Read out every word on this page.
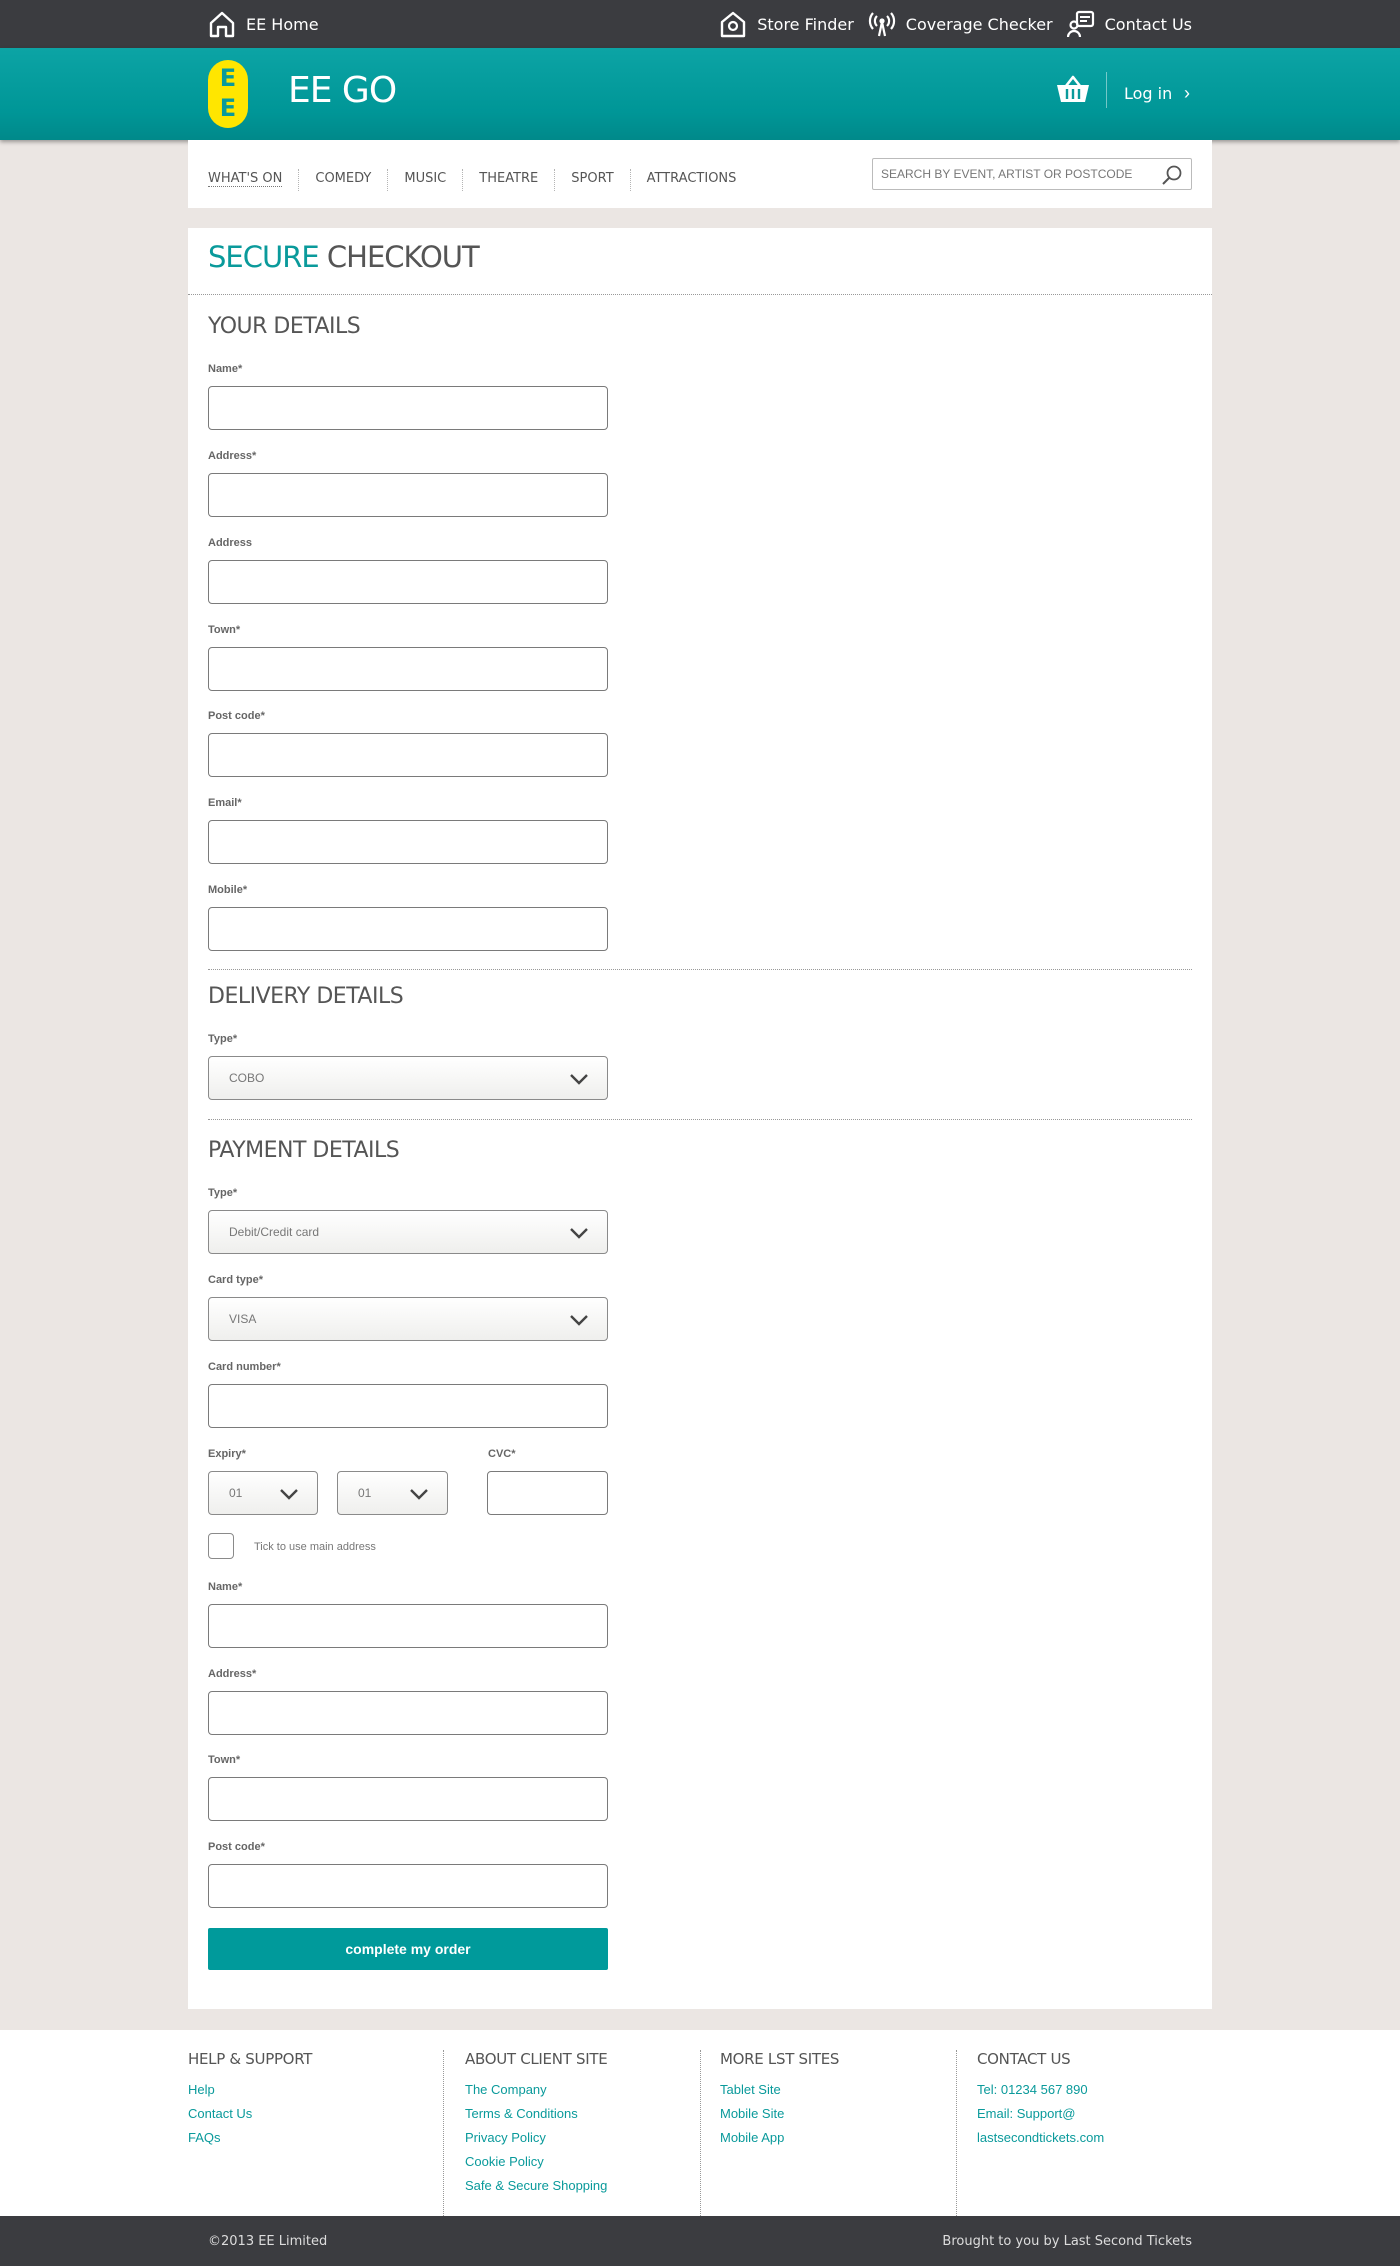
EE Home	Store Finder	Coverage Checker	Contact Us
E
E	EE GO	Log in ›
WHAT'S ON	COMEDY	MUSIC	THEATRE	SPORT	ATTRACTIONS
SEARCH BY EVENT, ARTIST OR POSTCODE
SECURE CHECKOUT
YOUR DETAILS
Name*
Address*
Address
Town*
Post code*
Email*
Mobile*
DELIVERY DETAILS
Type*
COBO
PAYMENT DETAILS
Type*
Debit/Credit card
Card type*
VISA
Card number*
Expiry*
01	01
CVC*
Tick to use main address
Name*
Address*
Town*
Post code*
complete my order
HELP & SUPPORT
Help
Contact Us
FAQs
ABOUT CLIENT SITE
The Company
Terms & Conditions
Privacy Policy
Cookie Policy
Safe & Secure Shopping
MORE LST SITES
Tablet Site
Mobile Site
Mobile App
CONTACT US
Tel: 01234 567 890
Email: Support@
lastsecondtickets.com
©2013 EE Limited	Brought to you by Last Second Tickets
